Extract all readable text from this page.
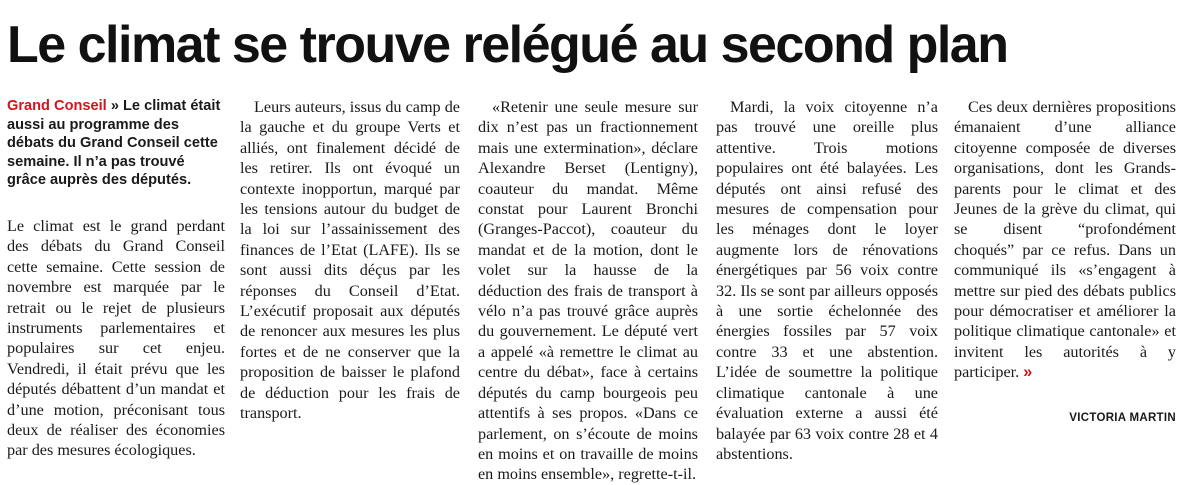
Le climat se trouve relégué au second plan

Grand Conseil » Le climat était aussi au programme des débats du Grand Conseil cette semaine. Il n’a pas trouvé grâce auprès des députés.

Le climat est le grand perdant des débats du Grand Conseil cette semaine. Cette session de novembre est marquée par le retrait ou le rejet de plusieurs instruments parlementaires et populaires sur cet enjeu. Vendredi, il était prévu que les députés débattent d’un mandat et d’une motion, préconisant tous deux de réaliser des économies par des mesures écologiques.

Leurs auteurs, issus du camp de la gauche et du groupe Verts et alliés, ont finalement décidé de les retirer. Ils ont évoqué un contexte inopportun, marqué par les tensions autour du budget de la loi sur l’assainissement des finances de l’Etat (LAFE). Ils se sont aussi dits déçus par les réponses du Conseil d’Etat. L’exécutif proposait aux députés de renoncer aux mesures les plus fortes et de ne conserver que la proposition de baisser le plafond de déduction pour les frais de transport.

«Retenir une seule mesure sur dix n’est pas un fractionnement mais une extermination», déclare Alexandre Berset (Lentigny), coauteur du mandat. Même constat pour Laurent Bronchi (Granges-Paccot), coauteur du mandat et de la motion, dont le volet sur la hausse de la déduction des frais de transport à vélo n’a pas trouvé grâce auprès du gouvernement. Le député vert a appelé «à remettre le climat au centre du débat», face à certains députés du camp bourgeois peu attentifs à ses propos. «Dans ce parlement, on s’écoute de moins en moins et on travaille de moins en moins ensemble», regrette-t-il.

Mardi, la voix citoyenne n’a pas trouvé une oreille plus attentive. Trois motions populaires ont été balayées. Les députés ont ainsi refusé des mesures de compensation pour les ménages dont le loyer augmente lors de rénovations énergétiques par 56 voix contre 32. Ils se sont par ailleurs opposés à une sortie échelonnée des énergies fossiles par 57 voix contre 33 et une abstention. L’idée de soumettre la politique climatique cantonale à une évaluation externe a aussi été balayée par 63 voix contre 28 et 4 abstentions.

Ces deux dernières propositions émanaient d’une alliance citoyenne composée de diverses organisations, dont les Grands-parents pour le climat et des Jeunes de la grève du climat, qui se disent “profondément choqués” par ce refus. Dans un communiqué ils «s’engagent à mettre sur pied des débats publics pour démocratiser et améliorer la politique climatique cantonale» et invitent les autorités à y participer. »

VICTORIA MARTIN
